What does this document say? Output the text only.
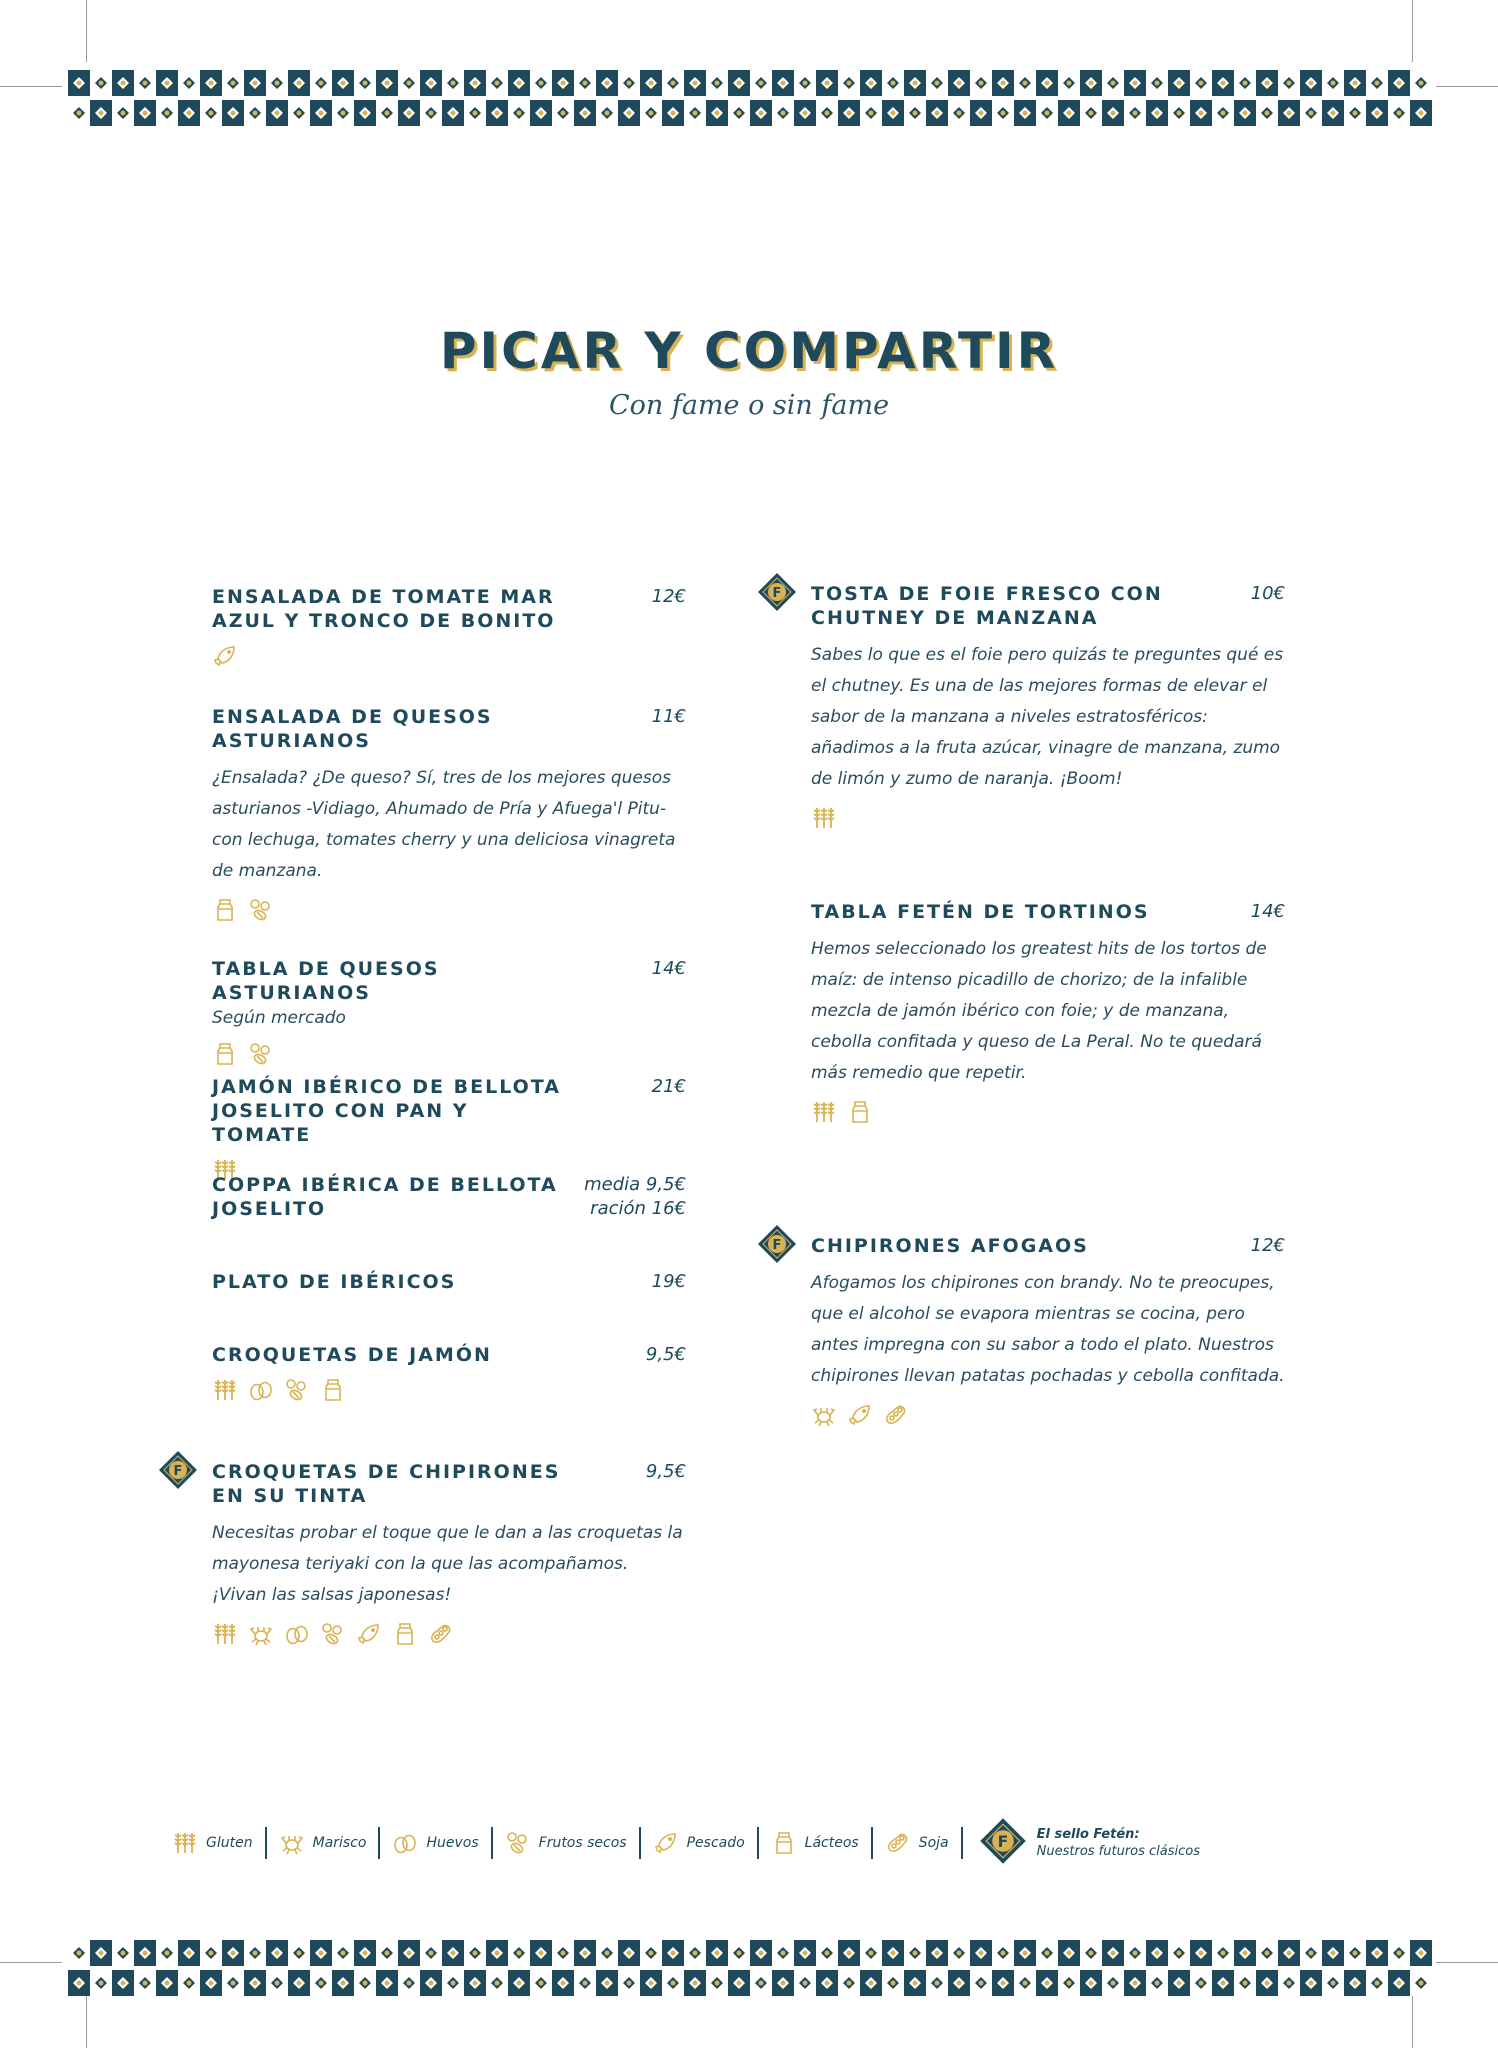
PICAR Y COMPARTIR
Con fame o sin fame
ENSALADA DE TOMATE MAR AZUL Y TRONCO DE BONITO
12€
ENSALADA DE QUESOS ASTURIANOS
11€
¿Ensalada? ¿De queso? Sí, tres de los mejores quesos asturianos -Vidiago, Ahumado de Pría y Afuega'l Pitu- con lechuga, tomates cherry y una deliciosa vinagreta de manzana.
TABLA DE QUESOS ASTURIANOS
14€
Según mercado
JAMÓN IBÉRICO DE BELLOTA JOSELITO CON PAN Y TOMATE
21€
COPPA IBÉRICA DE BELLOTA JOSELITO
media 9,5€
ración 16€
PLATO DE IBÉRICOS	19€
CROQUETAS DE JAMÓN	9,5€
CROQUETAS DE CHIPIRONES EN SU TINTA
9,5€
Necesitas probar el toque que le dan a las croquetas la mayonesa teriyaki con la que las acompañamos. ¡Vivan las salsas japonesas!
F
TOSTA DE FOIE FRESCO CON CHUTNEY DE MANZANA
10€
Sabes lo que es el foie pero quizás te preguntes qué es el chutney. Es una de las mejores formas de elevar el sabor de la manzana a niveles estratosféricos: añadimos a la fruta azúcar, vinagre de manzana, zumo de limón y zumo de naranja. ¡Boom!
F
TABLA FETÉN DE TORTINOS	14€
Hemos seleccionado los greatest hits de los tortos de maíz: de intenso picadillo de chorizo; de la infalible mezcla de jamón ibérico con foie; y de manzana, cebolla confitada y queso de La Peral. No te quedará más remedio que repetir.
CHIPIRONES AFOGAOS	12€
Afogamos los chipirones con brandy. No te preocupes, que el alcohol se evapora mientras se cocina, pero antes impregna con su sabor a todo el plato. Nuestros chipirones llevan patatas pochadas y cebolla confitada.
F
Gluten	Marisco	Huevos	Frutos secos	Pescado	Lácteos	Soja	F El sello Fetén:
Nuestros futuros clásicos
